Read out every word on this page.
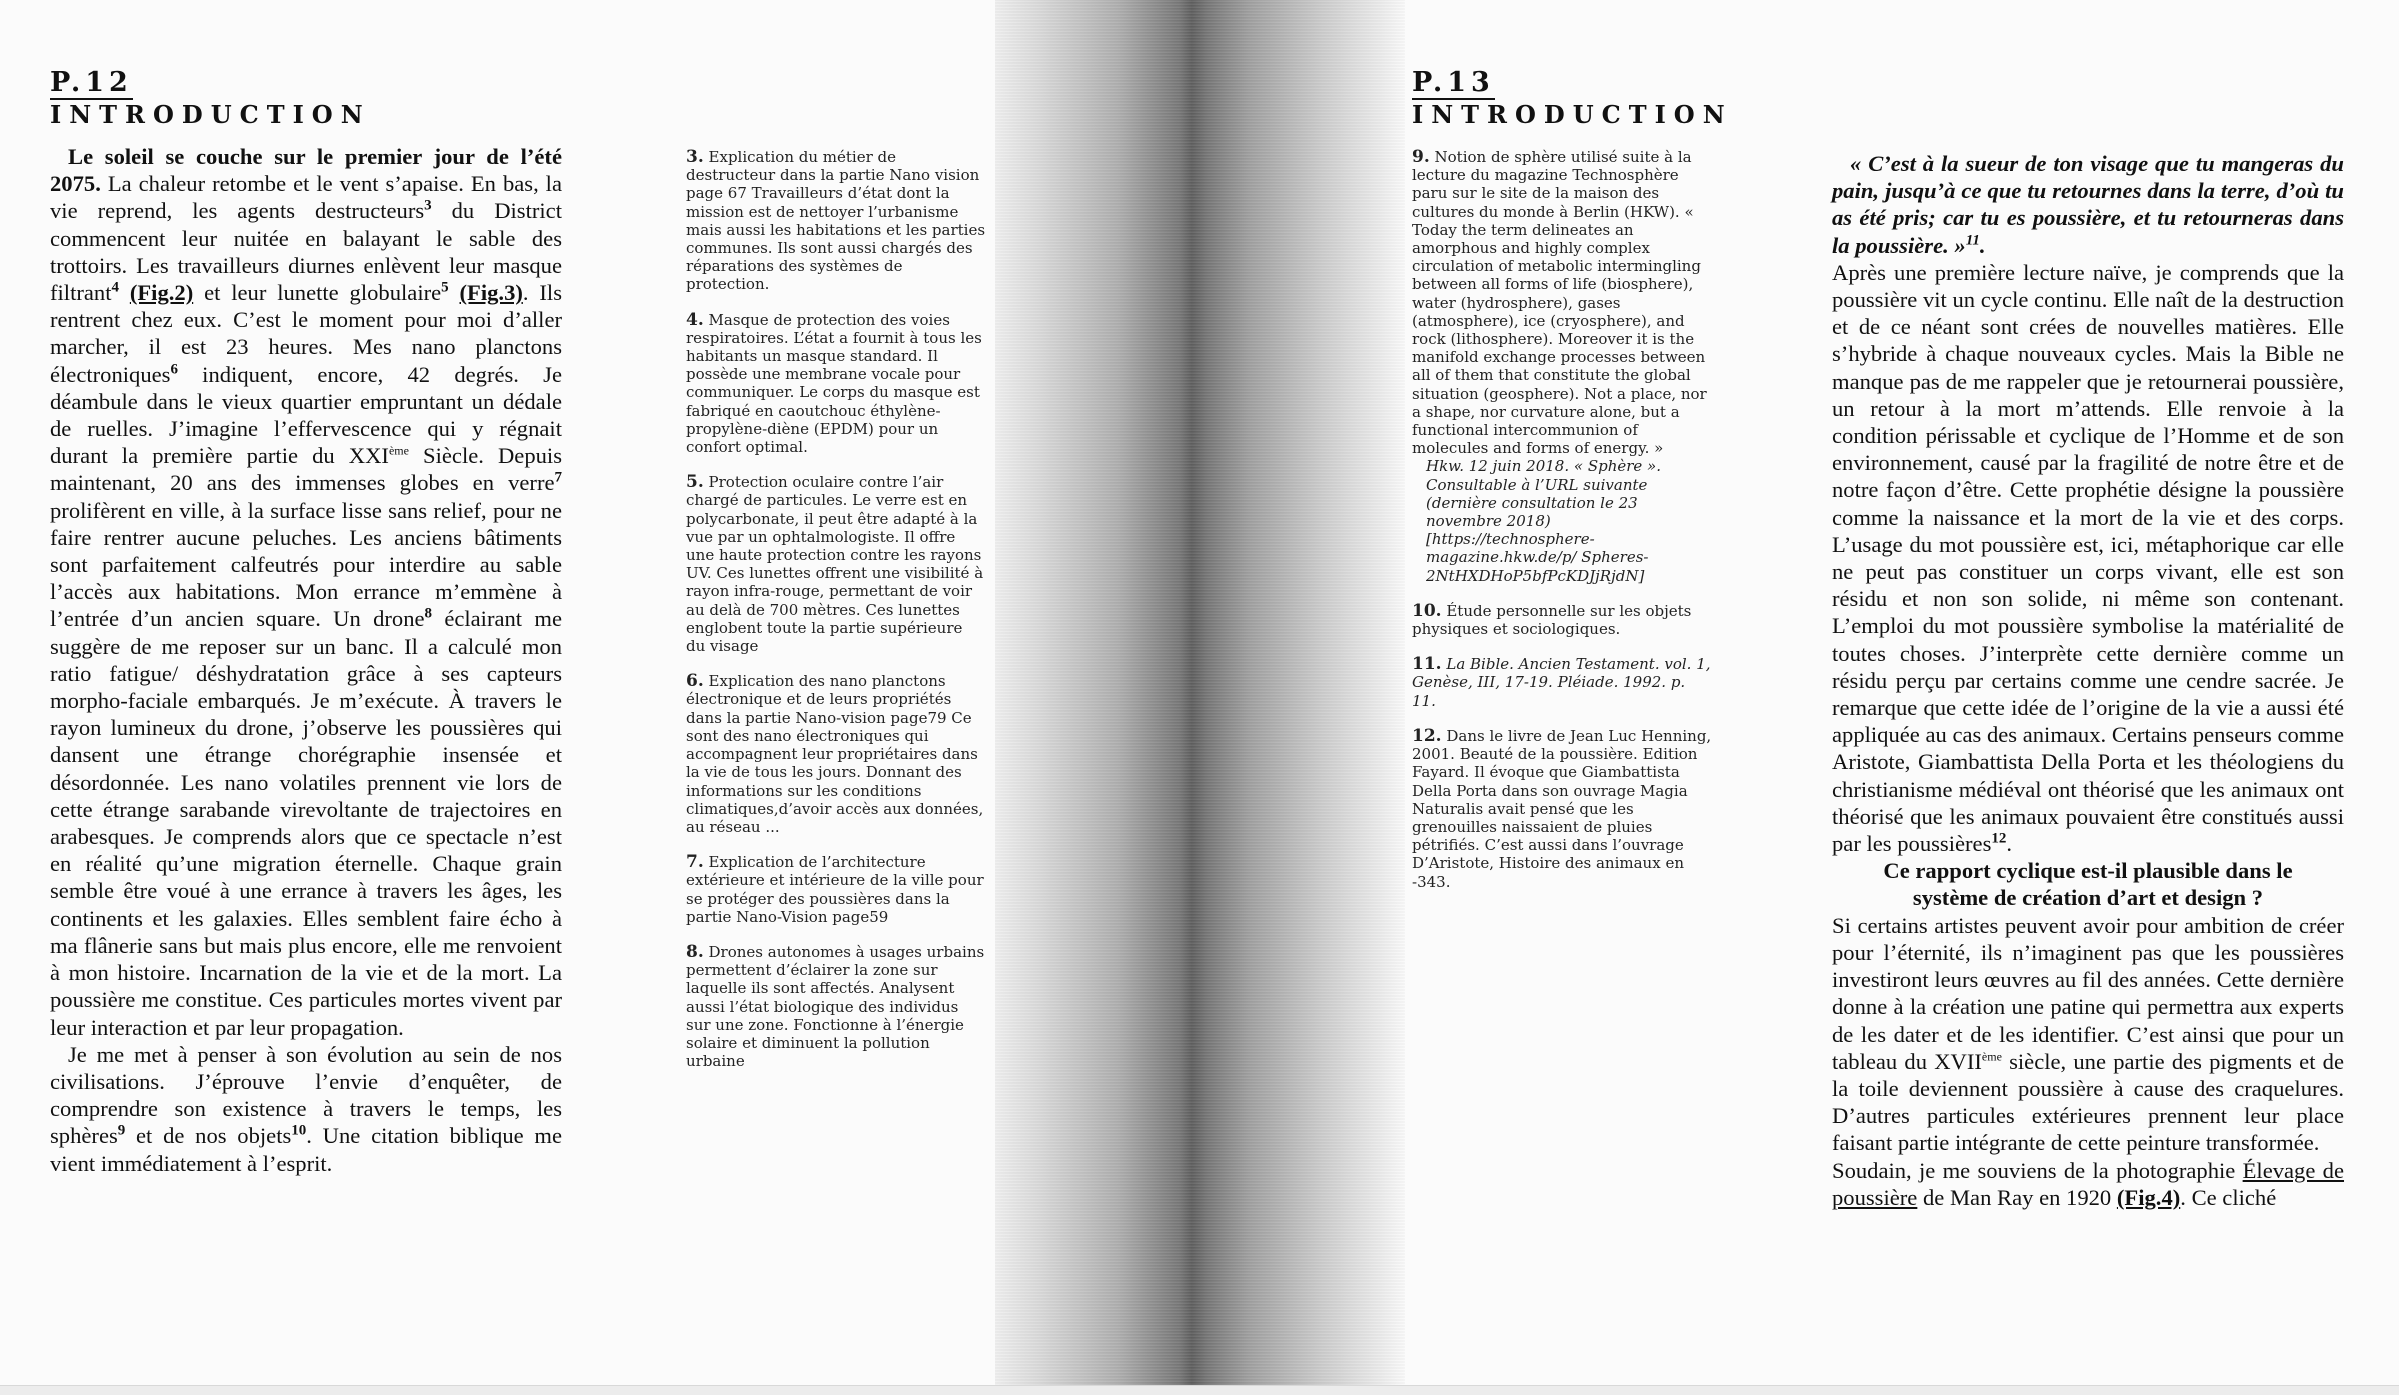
P.12
INTRODUCTION

Le soleil se couche sur le premier jour de l’été 2075. La chaleur retombe et le vent s’apaise. En bas, la vie reprend, les agents destructeurs$^3$ du District commencent leur nuitée en balayant le sable des trottoirs. Les travailleurs diurnes enlèvent leur masque filtrant$^4$ (Fig.2) et leur lunette globulaire$^5$ (Fig.3). Ils rentrent chez eux. C’est le moment pour moi d’aller marcher, il est 23 heures. Mes nano planctons électroniques$^6$ indiquent, encore, 42 degrés. Je déambule dans le vieux quartier empruntant un dédale de ruelles. J’imagine l’effervescence qui y régnait durant la première partie du XXIème Siècle. Depuis maintenant, 20 ans des immenses globes en verre$^7$ prolifèrent en ville, à la surface lisse sans relief, pour ne faire rentrer aucune peluches. Les anciens bâtiments sont parfaitement calfeutrés pour interdire au sable l’accès aux habitations. Mon errance m’emmène à l’entrée d’un ancien square. Un drone$^8$ éclairant me suggère de me reposer sur un banc. Il a calculé mon ratio fatigue/ déshydratation grâce à ses capteurs morpho-faciale embarqués. Je m’exécute. À travers le rayon lumineux du drone, j’observe les poussières qui dansent une étrange chorégraphie insensée et désordonnée. Les nano volatiles prennent vie lors de cette étrange sarabande virevoltante de trajectoires en arabesques. Je comprends alors que ce spectacle n’est en réalité qu’une migration éternelle. Chaque grain semble être voué à une errance à travers les âges, les continents et les galaxies. Elles semblent faire écho à ma flânerie sans but mais plus encore, elle me renvoient à mon histoire. Incarnation de la vie et de la mort. La poussière me constitue. Ces particules mortes vivent par leur interaction et par leur propagation.

Je me met à penser à son évolution au sein de nos civilisations. J’éprouve l’envie d’enquêter, de comprendre son existence à travers le temps, les sphères$^9$ et de nos objets$^{10}$. Une citation biblique me vient immédiatement à l’esprit.

3. Explication du métier de destructeur dans la partie Nano vision page 67 Travailleurs d’état dont la mission est de nettoyer l’urbanisme mais aussi les habitations et les parties communes. Ils sont aussi chargés des réparations des systèmes de protection.
4. Masque de protection des voies respiratoires. L’état a fournit à tous les habitants un masque standard. Il possède une membrane vocale pour communiquer. Le corps du masque est fabriqué en caoutchouc éthylène-propylène-diène (EPDM) pour un confort optimal.
5. Protection oculaire contre l’air chargé de particules. Le verre est en polycarbonate, il peut être adapté à la vue par un ophtalmologiste. Il offre une haute protection contre les rayons UV. Ces lunettes offrent une visibilité à rayon infra-rouge, permettant de voir au delà de 700 mètres. Ces lunettes englobent toute la partie supérieure du visage
6. Explication des nano planctons électronique et de leurs propriétés dans la partie Nano-vision page79 Ce sont des nano électroniques qui accompagnent leur propriétaires dans la vie de tous les jours. Donnant des informations sur les conditions climatiques,d’avoir accès aux données, au réseau ...
7. Explication de l’architecture extérieure et intérieure de la ville pour se protéger des poussières dans la partie Nano-Vision page59
8. Drones autonomes à usages urbains permettent d’éclairer la zone sur laquelle ils sont affectés. Analysent aussi l’état biologique des individus sur une zone. Fonctionne à l’énergie solaire et diminuent la pollution urbaine
P.13
INTRODUCTION
9. Notion de sphère utilisé suite à la lecture du magazine Technosphère paru sur le site de la maison des cultures du monde à Berlin (HKW). « Today the term delineates an amorphous and highly complex circulation of metabolic intermingling between all forms of life (biosphere), water (hydrosphere), gases (atmosphere), ice (cryosphere), and rock (lithosphere). Moreover it is the manifold exchange processes between all of them that constitute the global situation (geosphere). Not a place, nor a shape, nor curvature alone, but a functional intercommunion of molecules and forms of energy. »
Hkw. 12 juin 2018. « Sphère ». Consultable à l’URL suivante (dernière consultation le 23 novembre 2018) [https://technosphere-magazine.hkw.de/p/ Spheres-2NtHXDHoP5bfPcKDJjRjdN]
10. Étude personnelle sur les objets physiques et sociologiques.
11. La Bible. Ancien Testament. vol. 1, Genèse, III, 17-19. Pléiade. 1992. p. 11.
12. Dans le livre de Jean Luc Henning, 2001. Beauté de la poussière. Edition Fayard. Il évoque que Giambattista Della Porta dans son ouvrage Magia Naturalis avait pensé que les grenouilles naissaient de pluies pétrifiés. C’est aussi dans l’ouvrage D’Aristote, Histoire des animaux en -343.

« C’est à la sueur de ton visage que tu mangeras du pain, jusqu’à ce que tu retournes dans la terre, d’où tu as été pris; car tu es poussière, et tu retourneras dans la poussière. »$^{11}$.

Après une première lecture naïve, je comprends que la poussière vit un cycle continu. Elle naît de la destruction et de ce néant sont crées de nouvelles matières. Elle s’hybride à chaque nouveaux cycles. Mais la Bible ne manque pas de me rappeler que je retournerai poussière, un retour à la mort m’attends. Elle renvoie à la condition périssable et cyclique de l’Homme et de son environnement, causé par la fragilité de notre être et de notre façon d’être. Cette prophétie désigne la poussière comme la naissance et la mort de la vie et des corps. L’usage du mot poussière est, ici, métaphorique car elle ne peut pas constituer un corps vivant, elle est son résidu et non son solide, ni même son contenant. L’emploi du mot poussière symbolise la matérialité de toutes choses. J’interprète cette dernière comme un résidu perçu par certains comme une cendre sacrée. Je remarque que cette idée de l’origine de la vie a aussi été appliquée au cas des animaux. Certains penseurs comme Aristote, Giambattista Della Porta et les théologiens du christianisme médiéval ont théorisé que les animaux ont théorisé que les animaux pouvaient être constitués aussi par les poussières$^{12}$.

Ce rapport cyclique est-il plausible dans le système de création d’art et design ?

Si certains artistes peuvent avoir pour ambition de créer pour l’éternité, ils n’imaginent pas que les poussières investiront leurs œuvres au fil des années. Cette dernière donne à la création une patine qui permettra aux experts de les dater et de les identifier. C’est ainsi que pour un tableau du XVIIème siècle, une partie des pigments et de la toile deviennent poussière à cause des craquelures. D’autres particules extérieures prennent leur place faisant partie intégrante de cette peinture transformée.

Soudain, je me souviens de la photographie Élevage de poussière de Man Ray en 1920 (Fig.4). Ce cliché
